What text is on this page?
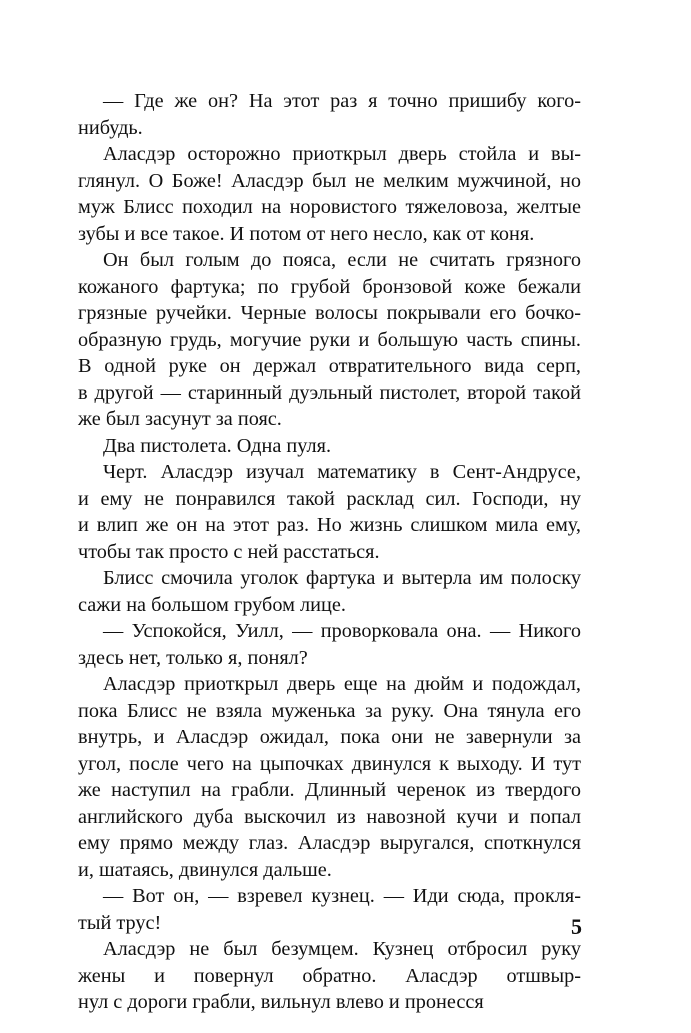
— Где же он? На этот раз я точно пришибу кого-
нибудь.

Аласдэр осторожно приоткрыл дверь стойла и вы-
глянул. О Боже! Аласдэр был не мелким мужчиной, но
муж Блисс походил на норовистого тяжеловоза, желтые
зубы и все такое. И потом от него несло, как от коня.

Он был голым до пояса, если не считать грязного
кожаного фартука; по грубой бронзовой коже бежали
грязные ручейки. Черные волосы покрывали его бочко-
образную грудь, могучие руки и большую часть спины.
В одной руке он держал отвратительного вида серп,
в другой — старинный дуэльный пистолет, второй такой
же был засунут за пояс.

Два пистолета. Одна пуля.

Черт. Аласдэр изучал математику в Сент-Андрусе,
и ему не понравился такой расклад сил. Господи, ну
и влип же он на этот раз. Но жизнь слишком мила ему,
чтобы так просто с ней расстаться.

Блисс смочила уголок фартука и вытерла им полоску
сажи на большом грубом лице.

— Успокойся, Уилл, — проворковала она. — Никого
здесь нет, только я, понял?

Аласдэр приоткрыл дверь еще на дюйм и подождал,
пока Блисс не взяла муженька за руку. Она тянула его
внутрь, и Аласдэр ожидал, пока они не завернули за
угол, после чего на цыпочках двинулся к выходу. И тут
же наступил на грабли. Длинный черенок из твердого
английского дуба выскочил из навозной кучи и попал
ему прямо между глаз. Аласдэр выругался, споткнулся
и, шатаясь, двинулся дальше.

— Вот он, — взревел кузнец. — Иди сюда, прокля-
тый трус!

Аласдэр не был безумцем. Кузнец отбросил руку
жены и повернул обратно. Аласдэр отшвыр-
нул с дороги грабли, вильнул влево и пронесся

5
